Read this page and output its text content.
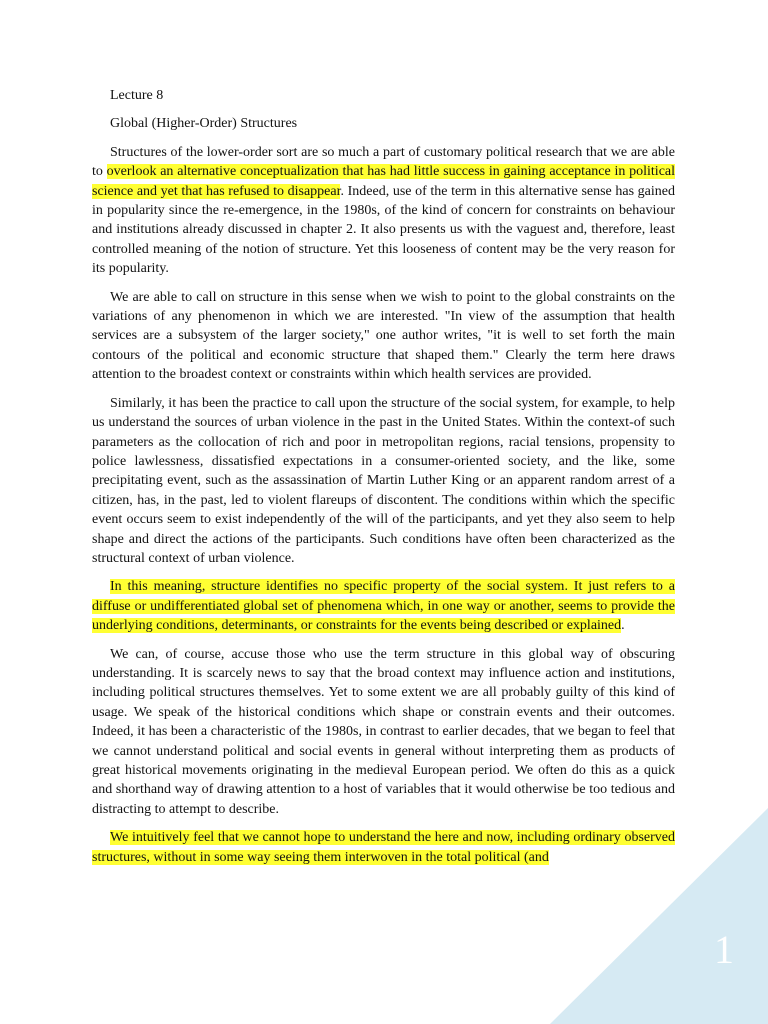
Lecture 8
Global (Higher-Order) Structures

Structures of the lower-order sort are so much a part of customary political research that we are able to overlook an alternative conceptualization that has had little success in gaining acceptance in political science and yet that has refused to disappear. Indeed, use of the term in this alternative sense has gained in popularity since the re-emergence, in the 1980s, of the kind of concern for constraints on behaviour and institutions already discussed in chapter 2. It also presents us with the vaguest and, therefore, least controlled meaning of the notion of structure. Yet this looseness of content may be the very reason for its popularity.

We are able to call on structure in this sense when we wish to point to the global constraints on the variations of any phenomenon in which we are interested. "In view of the assumption that health services are a subsystem of the larger society," one author writes, "it is well to set forth the main contours of the political and economic structure that shaped them." Clearly the term here draws attention to the broadest context or constraints within which health services are provided.

Similarly, it has been the practice to call upon the structure of the social system, for example, to help us understand the sources of urban violence in the past in the United States. Within the context-of such parameters as the collocation of rich and poor in metropolitan regions, racial tensions, propensity to police lawlessness, dissatisfied expectations in a consumer-oriented society, and the like, some precipitating event, such as the assassination of Martin Luther King or an apparent random arrest of a citizen, has, in the past, led to violent flareups of discontent. The conditions within which the specific event occurs seem to exist independently of the will of the participants, and yet they also seem to help shape and direct the actions of the participants. Such conditions have often been characterized as the structural context of urban violence.

In this meaning, structure identifies no specific property of the social system. It just refers to a diffuse or undifferentiated global set of phenomena which, in one way or another, seems to provide the underlying conditions, determinants, or constraints for the events being described or explained.

We can, of course, accuse those who use the term structure in this global way of obscuring understanding. It is scarcely news to say that the broad context may influence action and institutions, including political structures themselves. Yet to some extent we are all probably guilty of this kind of usage. We speak of the historical conditions which shape or constrain events and their outcomes. Indeed, it has been a characteristic of the 1980s, in contrast to earlier decades, that we began to feel that we cannot understand political and social events in general without interpreting them as products of great historical movements originating in the medieval European period. We often do this as a quick and shorthand way of drawing attention to a host of variables that it would otherwise be too tedious and distracting to attempt to describe.

We intuitively feel that we cannot hope to understand the here and now, including ordinary observed structures, without in some way seeing them interwoven in the total political (and

1
